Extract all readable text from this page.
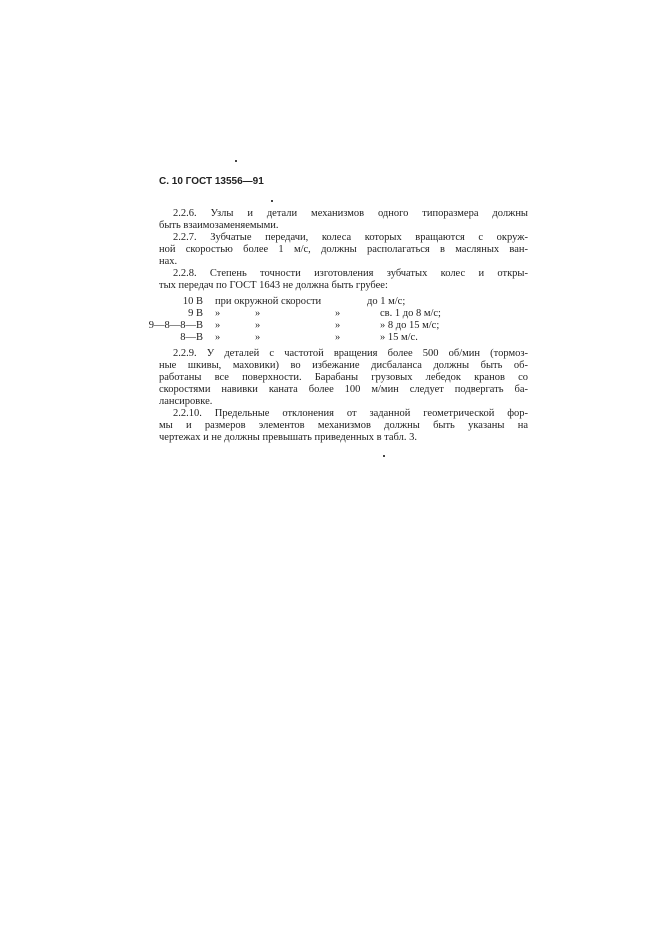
С. 10 ГОСТ 13556—91
2.2.6. Узлы и детали механизмов одного типоразмера должны
быть взаимозаменяемыми.
2.2.7. Зубчатые передачи, колеса которых вращаются с окруж-
ной скоростью более 1 м/с, должны располагаться в масляных ван-
нах.
2.2.8. Степень точности изготовления зубчатых колес и откры-
тых передач по ГОСТ 1643 не должна быть грубее:
10 В при окружной скорости	до 1 м/с;
9 В »	»	»	св. 1 до 8 м/с;
9—8—8—В »	»	»	» 8 до 15 м/с;
8—В »	»	»	» 15 м/с.
2.2.9. У деталей с частотой вращения более 500 об/мин (тормоз-
ные шкивы, маховики) во избежание дисбаланса должны быть об-
работаны все поверхности. Барабаны грузовых лебедок кранов со
скоростями навивки каната более 100 м/мин следует подвергать ба-
лансировке.
2.2.10. Предельные отклонения от заданной геометрической фор-
мы и размеров элементов механизмов должны быть указаны на
чертежах и не должны превышать приведенных в табл. 3.
